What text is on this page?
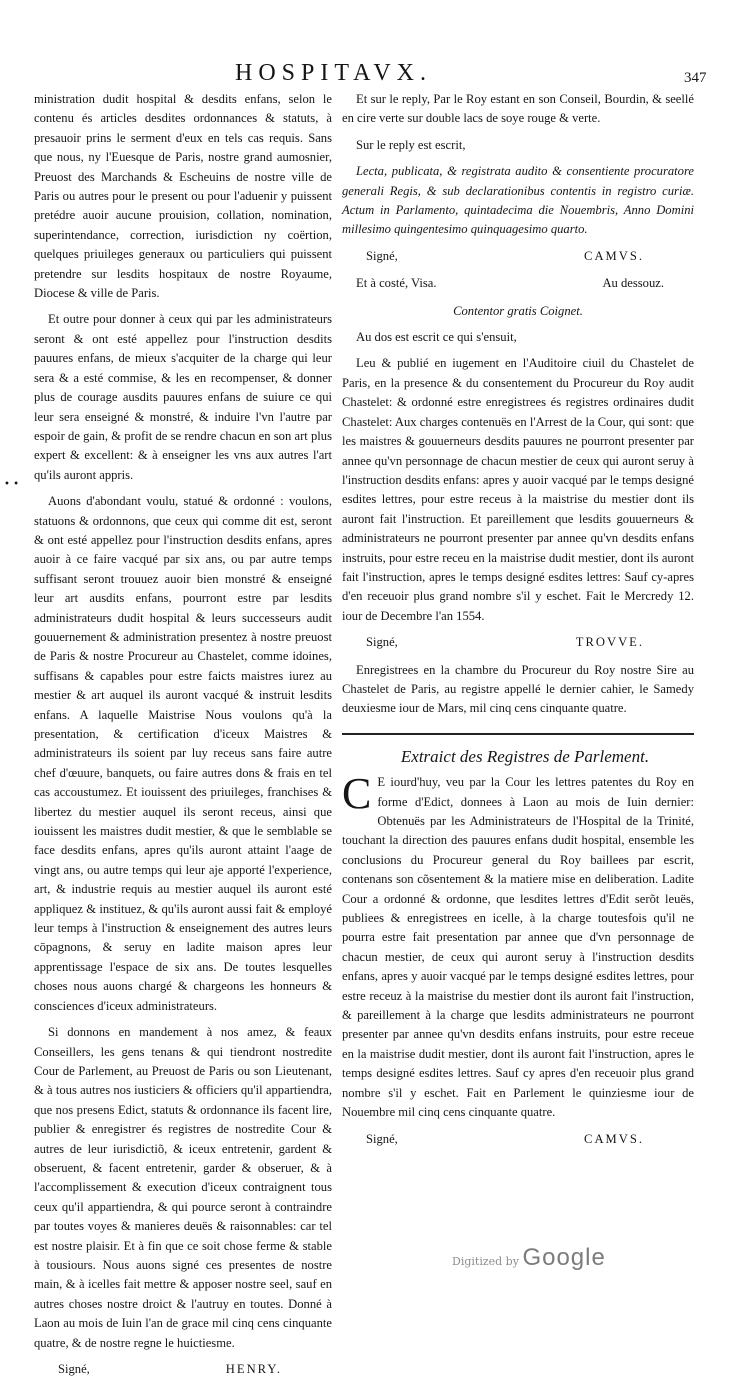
HOSPITAVX.	347
• •

ministration dudit hospital & desdits enfans, selon le contenu és articles desdites ordonnances & statuts, à presauoir prins le serment d'eux en tels cas requis. Sans que nous, ny l'Euesque de Paris, nostre grand aumosnier, Preuost des Marchands & Escheuins de nostre ville de Paris ou autres pour le present ou pour l'aduenir y puissent pretédre auoir aucune prouision, collation, nomination, superintendance, correction, iurisdiction ny coërtion, quelques priuileges generaux ou particuliers qui puissent pretendre sur lesdits hospitaux de nostre Royaume, Diocese & ville de Paris.

Et outre pour donner à ceux qui par les administrateurs seront & ont esté appellez pour l'instruction desdits pauures enfans, de mieux s'acquiter de la charge qui leur sera & a esté commise, & les en recompenser, & donner plus de courage ausdits pauures enfans de suiure ce qui leur sera enseigné & monstré, & induire l'vn l'autre par espoir de gain, & profit de se rendre chacun en son art plus expert & excellent: & à enseigner les vns aux autres l'art qu'ils auront appris.

Auons d'abondant voulu, statué & ordonné : voulons, statuons & ordonnons, que ceux qui comme dit est, seront & ont esté appellez pour l'instruction desdits enfans, apres auoir à ce faire vacqué par six ans, ou par autre temps suffisant seront trouuez auoir bien monstré & enseigné leur art ausdits enfans, pourront estre par lesdits administrateurs dudit hospital & leurs successeurs audit gouuernement & administration presentez à nostre preuost de Paris & nostre Procureur au Chastelet, comme idoines, suffisans & capables pour estre faicts maistres iurez au mestier & art auquel ils auront vacqué & instruit lesdits enfans. A laquelle Maistrise Nous voulons qu'à la presentation, & certification d'iceux Maistres & administrateurs ils soient par luy receus sans faire autre chef d'œuure, banquets, ou faire autres dons & frais en tel cas accoustumez. Et iouissent des priuileges, franchises & libertez du mestier auquel ils seront receus, ainsi que iouissent les maistres dudit mestier, & que le semblable se face desdits enfans, apres qu'ils auront attaint l'aage de vingt ans, ou autre temps qui leur aje apporté l'experience, art, & industrie requis au mestier auquel ils auront esté appliquez & instituez, & qu'ils auront aussi fait & employé leur temps à l'instruction & enseignement des autres leurs cōpagnons, & seruy en ladite maison apres leur apprentissage l'espace de six ans. De toutes lesquelles choses nous auons chargé & chargeons les honneurs & consciences d'iceux administrateurs.

Si donnons en mandement à nos amez, & feaux Conseillers, les gens tenans & qui tiendront nostredite Cour de Parlement, au Preuost de Paris ou son Lieutenant, & à tous autres nos iusticiers & officiers qu'il appartiendra, que nos presens Edict, statuts & ordonnance ils facent lire, publier & enregistrer és registres de nostredite Cour & autres de leur iurisdictiõ, & iceux entretenir, gardent & obseruent, & facent entretenir, garder & obseruer, & à l'accomplissement & execution d'iceux contraignent tous ceux qu'il appartiendra, & qui pource seront à contraindre par toutes voyes & manieres deuës & raisonnables: car tel est nostre plaisir. Et à fin que ce soit chose ferme & stable à tousiours. Nous auons signé ces presentes de nostre main, & à icelles fait mettre & apposer nostre seel, sauf en autres choses nostre droict & l'autruy en toutes. Donné à Laon au mois de Iuin l'an de grace mil cinq cens cinquante quatre, & de nostre regne le huictiesme.

Signé,	HENRY.

Et sur le reply, Par le Roy estant en son Conseil, Bourdin, & seellé en cire verte sur double lacs de soye rouge & verte.

Sur le reply est escrit,

Lecta, publicata, & registrata audito & consentiente procuratore generali Regis, & sub declarationibus contentis in registro curiæ. Actum in Parlamento, quintadecima die Nouembris, Anno Domini millesimo quingentesimo quinquagesimo quarto.

Signé,	CAMVS.
Et à costé, Visa.	Au dessouz.

Contentor gratis Coignet.

Au dos est escrit ce qui s'ensuit,

Leu & publié en iugement en l'Auditoire ciuil du Chastelet de Paris, en la presence & du consentement du Procureur du Roy audit Chastelet: & ordonné estre enregistrees és registres ordinaires dudit Chastelet: Aux charges contenuës en l'Arrest de la Cour, qui sont: que les maistres & gouuerneurs desdits pauures ne pourront presenter par annee qu'vn personnage de chacun mestier de ceux qui auront seruy à l'instruction desdits enfans: apres y auoir vacqué par le temps designé esdites lettres, pour estre receus à la maistrise du mestier dont ils auront fait l'instruction. Et pareillement que lesdits gouuerneurs & administrateurs ne pourront presenter par annee qu'vn desdits enfans instruits, pour estre receu en la maistrise dudit mestier, dont ils auront fait l'instruction, apres le temps designé esdites lettres: Sauf cy-apres d'en receuoir plus grand nombre s'il y eschet. Fait le Mercredy 12. iour de Decembre l'an 1554.

Signé,	TROVVE.

Enregistrees en la chambre du Procureur du Roy nostre Sire au Chastelet de Paris, au registre appellé le dernier cahier, le Samedy deuxiesme iour de Mars, mil cinq cens cinquante quatre.

Extraict des Registres de Parlement.

C E iourd'huy, veu par la Cour les lettres patentes du Roy en forme d'Edict, donnees à Laon au mois de Iuin dernier: Obtenuës par les Administrateurs de l'Hospital de la Trinité, touchant la direction des pauures enfans dudit hospital, ensemble les conclusions du Procureur general du Roy baillees par escrit, contenans son cõsentement & la matiere mise en deliberation. Ladite Cour a ordonné & ordonne, que lesdites lettres d'Edit serõt leuës, publiees & enregistrees en icelle, à la charge toutesfois qu'il ne pourra estre fait presentation par annee que d'vn personnage de chacun mestier, de ceux qui auront seruy à l'instruction desdits enfans, apres y auoir vacqué par le temps designé esdites lettres, pour estre receuz à la maistrise du mestier dont ils auront fait l'instruction, & pareillement à la charge que lesdits administrateurs ne pourront presenter par annee qu'vn desdits enfans instruits, pour estre receue en la maistrise dudit mestier, dont ils auront fait l'instruction, apres le temps designé esdites lettres. Sauf cy apres d'en receuoir plus grand nombre s'il y eschet. Fait en Parlement le quinziesme iour de Nouembre mil cinq cens cinquante quatre.

Signé,	CAMVS.
Digitized by Google
